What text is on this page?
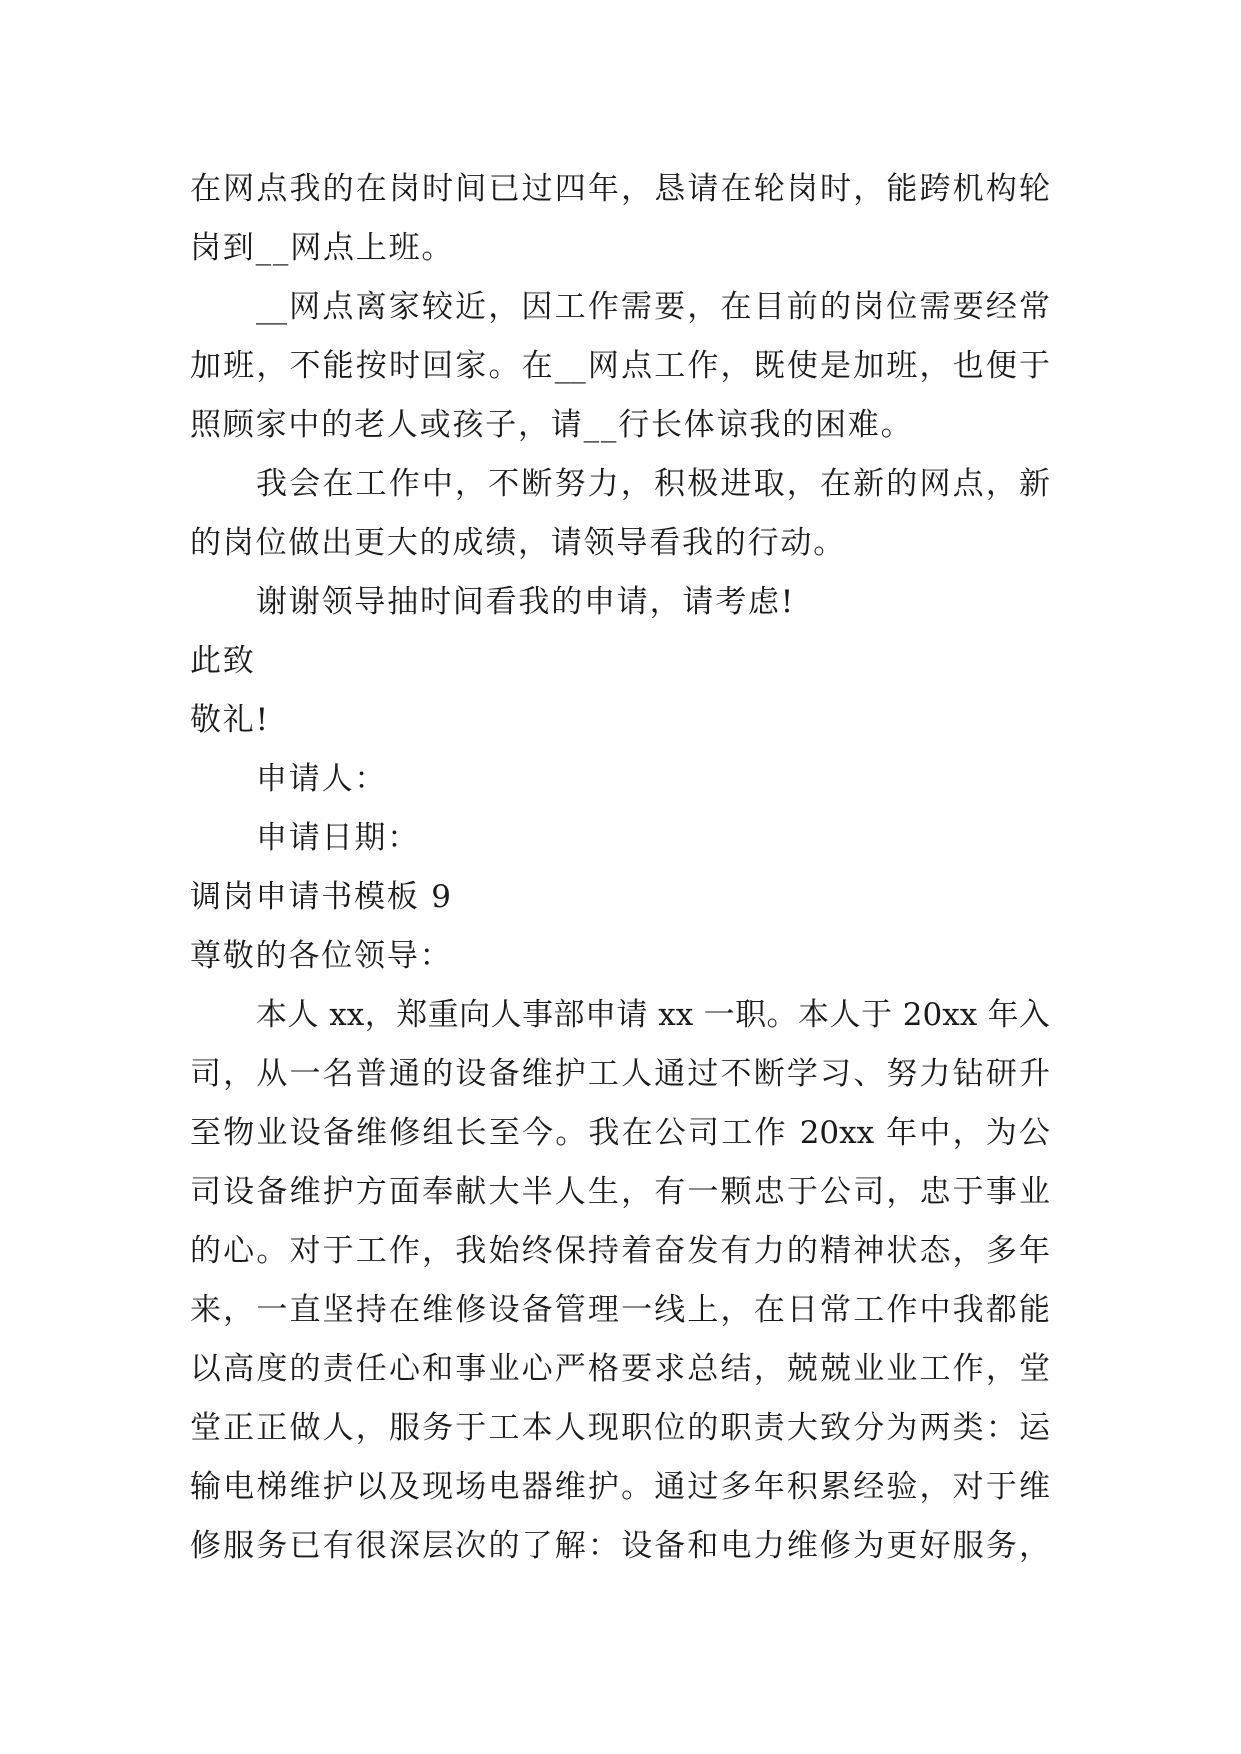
在网点我的在岗时间已过四年，恳请在轮岗时，能跨机构轮
岗到__网点上班。
__网点离家较近，因工作需要，在目前的岗位需要经常
加班，不能按时回家。在__网点工作，既使是加班，也便于
照顾家中的老人或孩子，请__行长体谅我的困难。
我会在工作中，不断努力，积极进取，在新的网点，新
的岗位做出更大的成绩，请领导看我的行动。
谢谢领导抽时间看我的申请，请考虑!
此致
敬礼!
申请人：
申请日期：
调岗申请书模板 9
尊敬的各位领导：
本人 xx，郑重向人事部申请 xx 一职。本人于 20xx 年入
司，从一名普通的设备维护工人通过不断学习、努力钻研升
至物业设备维修组长至今。我在公司工作 20xx 年中，为公
司设备维护方面奉献大半人生，有一颗忠于公司，忠于事业
的心。对于工作，我始终保持着奋发有力的精神状态，多年
来，一直坚持在维修设备管理一线上，在日常工作中我都能
以高度的责任心和事业心严格要求总结，兢兢业业工作，堂
堂正正做人，服务于工本人现职位的职责大致分为两类：运
输电梯维护以及现场电器维护。通过多年积累经验，对于维
修服务已有很深层次的了解：设备和电力维修为更好服务，
